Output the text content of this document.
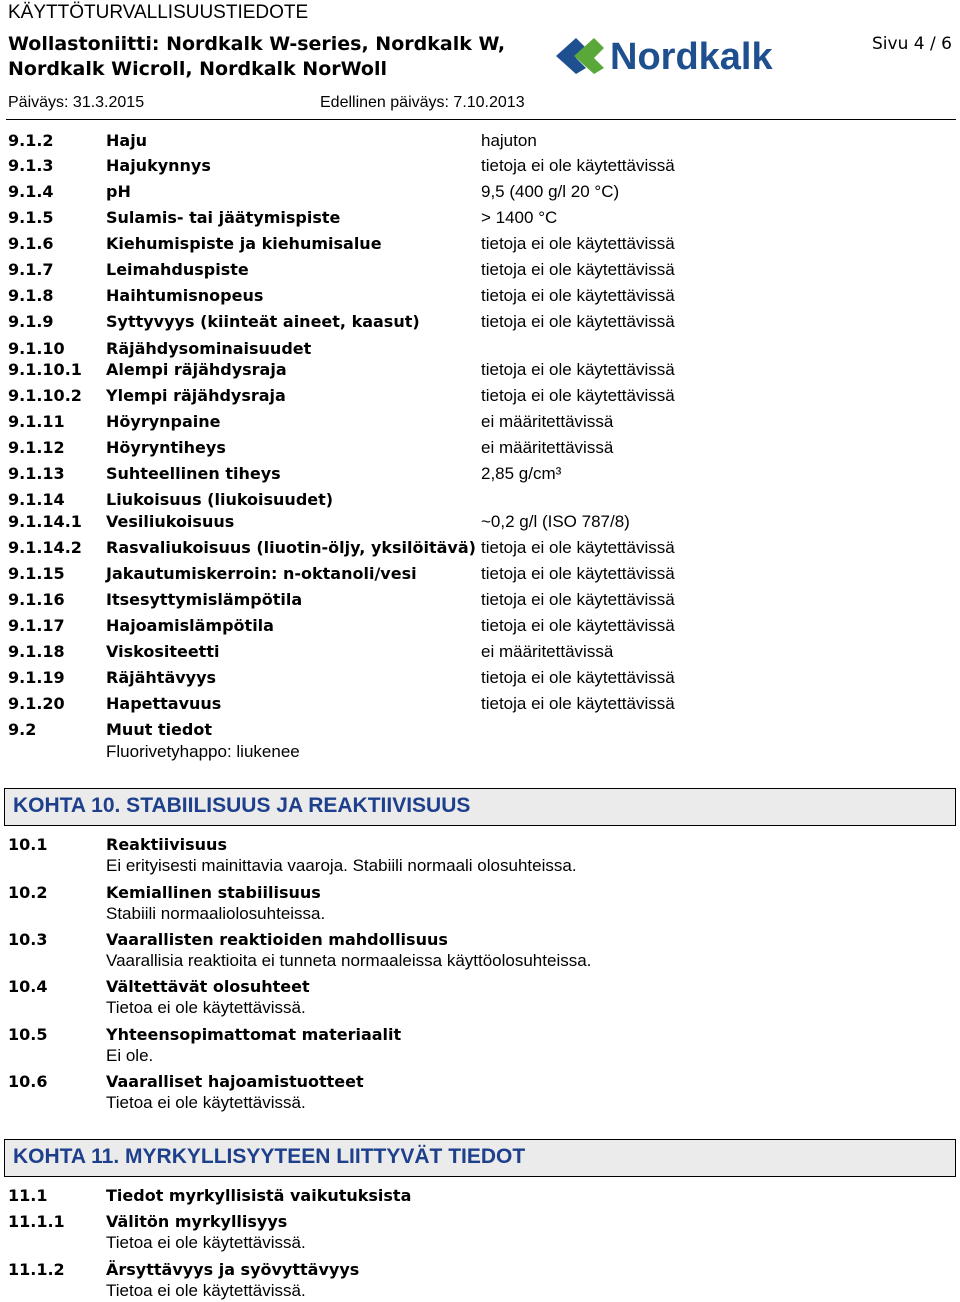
KÄYTTÖTURVALLISUUSTIEDOTE
Wollastoniitti: Nordkalk W-series, Nordkalk W,
Nordkalk Wicroll, Nordkalk NorWoll
Sivu 4 / 6
Nordkalk
Päiväys: 31.3.2015	Edellinen päiväys: 7.10.2013
9.1.2	Haju	hajuton
9.1.3	Hajukynnys	tietoja ei ole käytettävissä
9.1.4	pH	9,5 (400 g/l 20 °C)
9.1.5	Sulamis- tai jäätymispiste	> 1400 °C
9.1.6	Kiehumispiste ja kiehumisalue	tietoja ei ole käytettävissä
9.1.7	Leimahduspiste	tietoja ei ole käytettävissä
9.1.8	Haihtumisnopeus	tietoja ei ole käytettävissä
9.1.9	Syttyvyys (kiinteät aineet, kaasut)	tietoja ei ole käytettävissä
9.1.10	Räjähdysominaisuudet
9.1.10.1 Alempi räjähdysraja	tietoja ei ole käytettävissä
9.1.10.2 Ylempi räjähdysraja	tietoja ei ole käytettävissä
9.1.11	Höyrynpaine	ei määritettävissä
9.1.12	Höyryntiheys	ei määritettävissä
9.1.13	Suhteellinen tiheys	2,85 g/cm³
9.1.14	Liukoisuus (liukoisuudet)
9.1.14.1 Vesiliukoisuus	~0,2 g/l (ISO 787/8)
9.1.14.2 Rasvaliukoisuus (liuotin-öljy, yksilöitävä) tietoja ei ole käytettävissä
9.1.15	Jakautumiskerroin: n-oktanoli/vesi	tietoja ei ole käytettävissä
9.1.16	Itsesyttymislämpötila	tietoja ei ole käytettävissä
9.1.17	Hajoamislämpötila	tietoja ei ole käytettävissä
9.1.18	Viskositeetti	ei määritettävissä
9.1.19	Räjähtävyys	tietoja ei ole käytettävissä
9.1.20	Hapettavuus	tietoja ei ole käytettävissä
9.2	Muut tiedot
Fluorivetyhappo: liukenee
KOHTA 10. STABIILISUUS JA REAKTIIVISUUS
10.1	Reaktiivisuus
Ei erityisesti mainittavia vaaroja. Stabiili normaali olosuhteissa.
10.2	Kemiallinen stabiilisuus
Stabiili normaaliolosuhteissa.
10.3	Vaarallisten reaktioiden mahdollisuus
Vaarallisia reaktioita ei tunneta normaaleissa käyttöolosuhteissa.
10.4	Vältettävät olosuhteet
Tietoa ei ole käytettävissä.
10.5	Yhteensopimattomat materiaalit
Ei ole.
10.6	Vaaralliset hajoamistuotteet
Tietoa ei ole käytettävissä.
KOHTA 11. MYRKYLLISYYTEEN LIITTYVÄT TIEDOT
11.1	Tiedot myrkyllisistä vaikutuksista
11.1.1	Välitön myrkyllisyys
Tietoa ei ole käytettävissä.
11.1.2	Ärsyttävyys ja syövyttävyys
Tietoa ei ole käytettävissä.
